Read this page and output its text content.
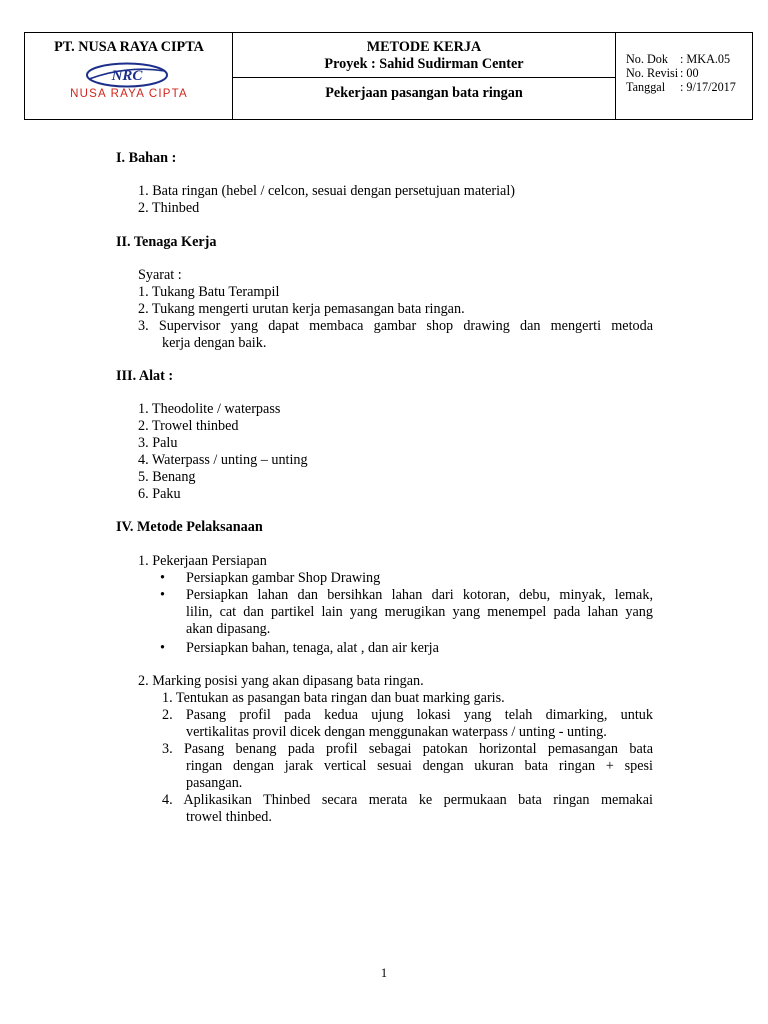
PT. NUSA RAYA CIPTA
NRC
NUSA RAYA CIPTA
METODE KERJA
Proyek : Sahid Sudirman Center
Pekerjaan pasangan bata ringan
No. Dok : MKA.05
No. Revisi : 00
Tanggal : 9/17/2017
I. Bahan :
1. Bata ringan (hebel / celcon, sesuai dengan persetujuan material)
2. Thinbed
II. Tenaga Kerja
Syarat :
1. Tukang Batu Terampil
2. Tukang mengerti urutan kerja pemasangan bata ringan.
3. Supervisor yang dapat membaca gambar shop drawing dan mengerti metoda
kerja dengan baik.
III. Alat :
1. Theodolite / waterpass
2. Trowel thinbed
3. Palu
4. Waterpass / unting – unting
5. Benang
6. Paku
IV. Metode Pelaksanaan
1. Pekerjaan Persiapan
• Persiapkan gambar Shop Drawing
• Persiapkan lahan dan bersihkan lahan dari kotoran, debu, minyak, lemak,
lilin, cat dan partikel lain yang merugikan yang menempel pada lahan yang
akan dipasang.
• Persiapkan bahan, tenaga, alat , dan air kerja
2. Marking posisi yang akan dipasang bata ringan.
1. Tentukan as pasangan bata ringan dan buat marking garis.
2. Pasang profil pada kedua ujung lokasi yang telah dimarking, untuk
vertikalitas provil dicek dengan menggunakan waterpass / unting - unting.
3. Pasang benang pada profil sebagai patokan horizontal pemasangan bata
ringan dengan jarak vertical sesuai dengan ukuran bata ringan + spesi
pasangan.
4. Aplikasikan Thinbed secara merata ke permukaan bata ringan memakai
trowel thinbed.
1
